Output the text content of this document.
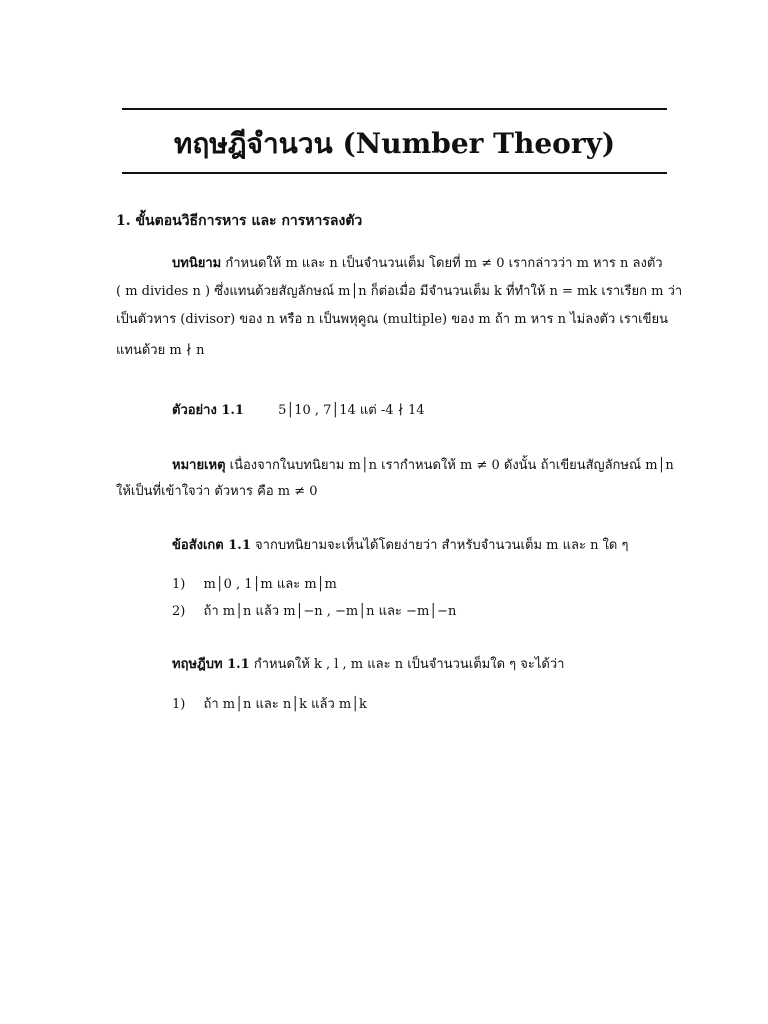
ทฤษฎีจำนวน (Number Theory)
1. ขั้นตอนวิธีการหาร และ การหารลงตัว
บทนิยาม กำหนดให้ m และ n เป็นจำนวนเต็ม โดยที่ m ≠ 0 เรากล่าวว่า m หาร n ลงตัว
( m divides n ) ซึ่งแทนด้วยสัญลักษณ์ m│n ก็ต่อเมื่อ มีจำนวนเต็ม k ที่ทำให้ n = mk เราเรียก m ว่า
เป็นตัวหาร (divisor) ของ n หรือ n เป็นพหุคูณ (multiple) ของ m ถ้า m หาร n ไม่ลงตัว เราเขียน
แทนด้วย m ∤ n
ตัวอย่าง 1.1	5│10 , 7│14 แต่ -4 ∤ 14
หมายเหตุ เนื่องจากในบทนิยาม m│n เรากำหนดให้ m ≠ 0 ดังนั้น ถ้าเขียนสัญลักษณ์ m│n
ให้เป็นที่เข้าใจว่า ตัวหาร คือ m ≠ 0
ข้อสังเกต 1.1 จากบทนิยามจะเห็นได้โดยง่ายว่า สำหรับจำนวนเต็ม m และ n ใด ๆ
1) m│0 , 1│m และ m│m
2) ถ้า m│n แล้ว m│−n , −m│n และ −m│−n
ทฤษฎีบท 1.1 กำหนดให้ k , l , m และ n เป็นจำนวนเต็มใด ๆ จะได้ว่า
1) ถ้า m│n และ n│k แล้ว m│k
